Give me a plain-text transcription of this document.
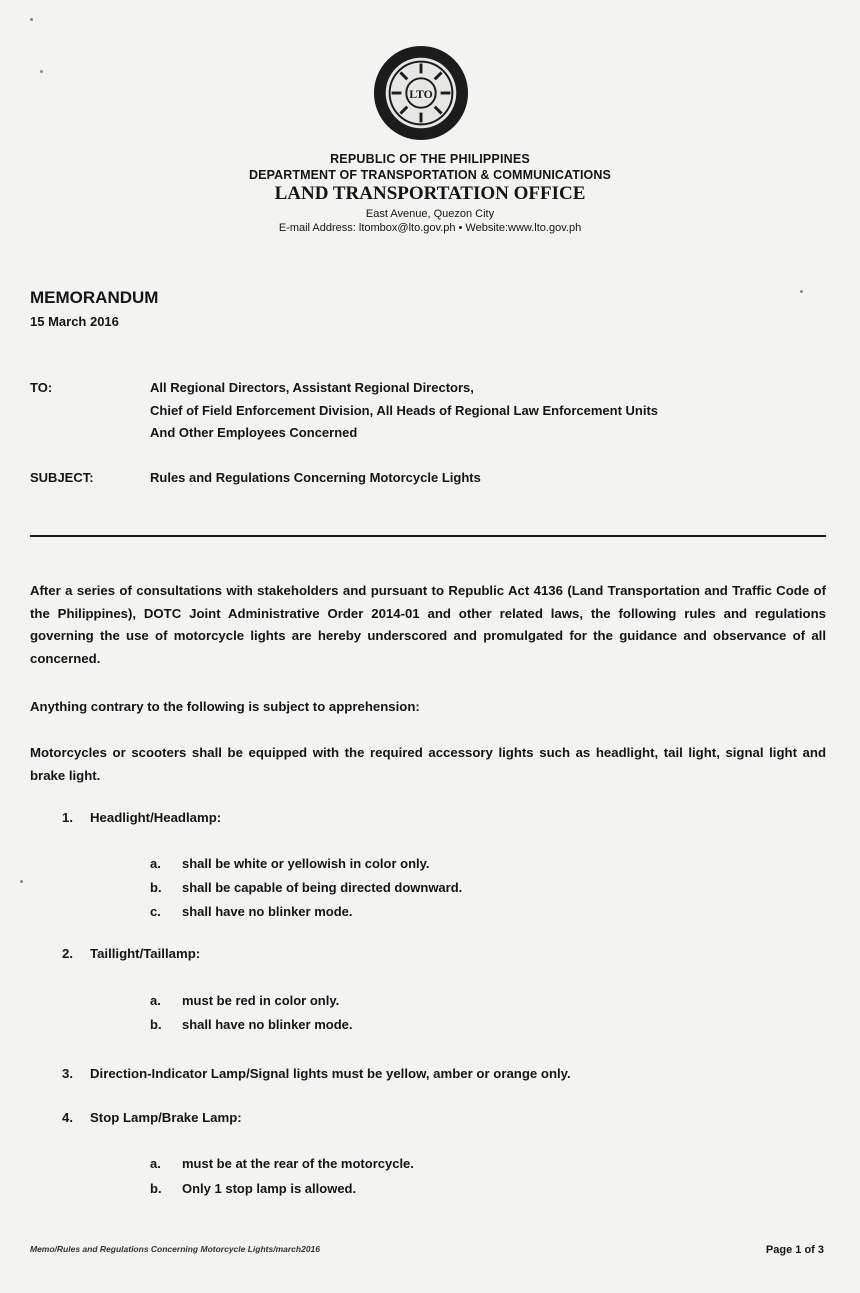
LTO
REPUBLIC OF THE PHILIPPINES
DEPARTMENT OF TRANSPORTATION & COMMUNICATIONS
LAND TRANSPORTATION OFFICE
East Avenue, Quezon City
E-mail Address: ltombox@lto.gov.ph • Website:www.lto.gov.ph
MEMORANDUM
15 March 2016
TO:	All Regional Directors, Assistant Regional Directors,
Chief of Field Enforcement Division, All Heads of Regional Law Enforcement Units
And Other Employees Concerned
SUBJECT:	Rules and Regulations Concerning Motorcycle Lights
After a series of consultations with stakeholders and pursuant to Republic Act 4136 (Land Transportation and Traffic Code of the Philippines), DOTC Joint Administrative Order 2014-01 and other related laws, the following rules and regulations governing the use of motorcycle lights are hereby underscored and promulgated for the guidance and observance of all concerned.
Anything contrary to the following is subject to apprehension:
Motorcycles or scooters shall be equipped with the required accessory lights such as headlight, tail light, signal light and brake light.
1. Headlight/Headlamp:
a. shall be white or yellowish in color only.
b. shall be capable of being directed downward.
c. shall have no blinker mode.
2. Taillight/Taillamp:
a. must be red in color only.
b. shall have no blinker mode.
3. Direction-Indicator Lamp/Signal lights must be yellow, amber or orange only.
4. Stop Lamp/Brake Lamp:
a. must be at the rear of the motorcycle.
b. Only 1 stop lamp is allowed.
Memo/Rules and Regulations Concerning Motorcycle Lights/march2016	Page 1 of 3
